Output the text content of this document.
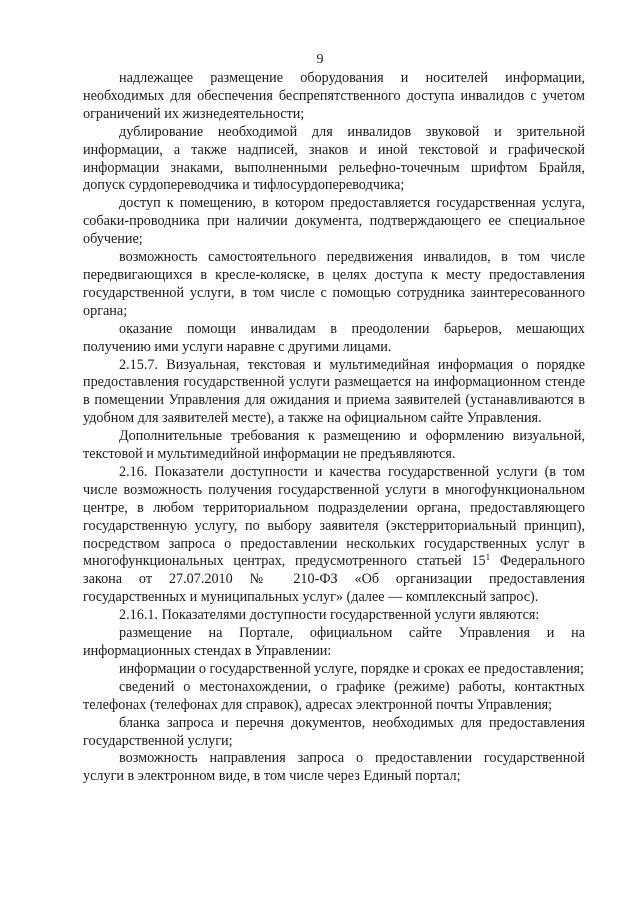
9

надлежащее размещение оборудования и носителей информации, необходимых для обеспечения беспрепятственного доступа инвалидов с учетом ограничений их жизнедеятельности;

дублирование необходимой для инвалидов звуковой и зрительной информации, а также надписей, знаков и иной текстовой и графической информации знаками, выполненными рельефно-точечным шрифтом Брайля, допуск сурдопереводчика и тифлосурдопереводчика;

доступ к помещению, в котором предоставляется государственная услуга, собаки-проводника при наличии документа, подтверждающего ее специальное обучение;

возможность самостоятельного передвижения инвалидов, в том числе передвигающихся в кресле-коляске, в целях доступа к месту предоставления государственной услуги, в том числе с помощью сотрудника заинтересованного органа;

оказание помощи инвалидам в преодолении барьеров, мешающих получению ими услуги наравне с другими лицами.

2.15.7. Визуальная, текстовая и мультимедийная информация о порядке предоставления государственной услуги размещается на информационном стенде в помещении Управления для ожидания и приема заявителей (устанавливаются в удобном для заявителей месте), а также на официальном сайте Управления.

Дополнительные требования к размещению и оформлению визуальной, текстовой и мультимедийной информации не предъявляются.

2.16. Показатели доступности и качества государственной услуги (в том числе возможность получения государственной услуги в многофункциональном центре, в любом территориальном подразделении органа, предоставляющего государственную услугу, по выбору заявителя (экстерриториальный принцип), посредством запроса о предоставлении нескольких государственных услуг в многофункциональных центрах, предусмотренного статьей $15^1$ Федерального закона от 27.07.2010 № 210-ФЗ «Об организации предоставления государственных и муниципальных услуг» (далее — комплексный запрос).

2.16.1. Показателями доступности государственной услуги являются:

размещение на Портале, официальном сайте Управления и на информационных стендах в Управлении:

информации о государственной услуге, порядке и сроках ее предоставления;

сведений о местонахождении, о графике (режиме) работы, контактных телефонах (телефонах для справок), адресах электронной почты Управления;

бланка запроса и перечня документов, необходимых для предоставления государственной услуги;

возможность направления запроса о предоставлении государственной услуги в электронном виде, в том числе через Единый портал;
